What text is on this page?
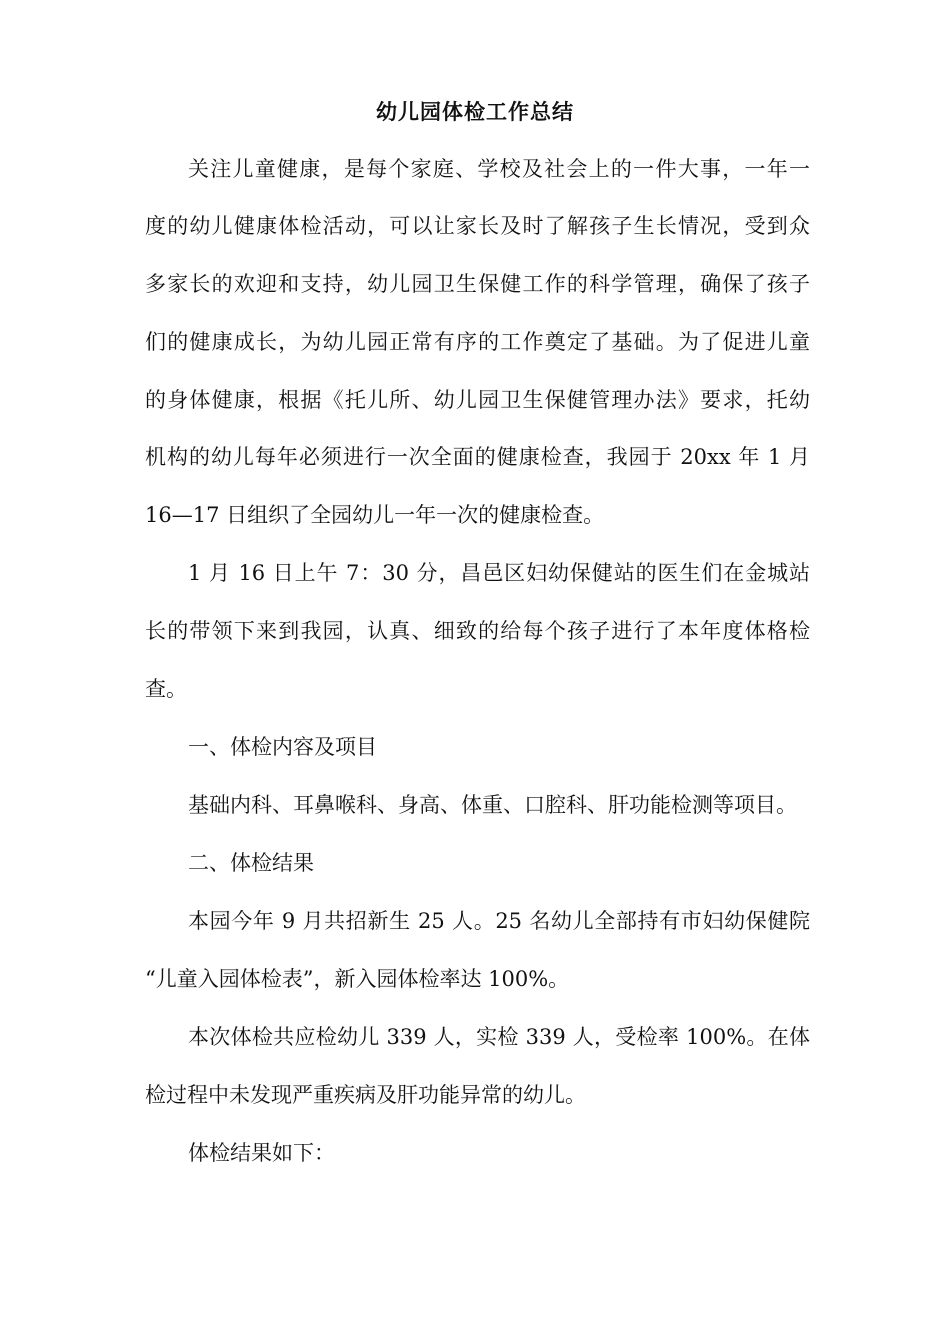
幼儿园体检工作总结
关注儿童健康，是每个家庭、学校及社会上的一件大事，一年一
度的幼儿健康体检活动，可以让家长及时了解孩子生长情况，受到众
多家长的欢迎和支持，幼儿园卫生保健工作的科学管理，确保了孩子
们的健康成长，为幼儿园正常有序的工作奠定了基础。为了促进儿童
的身体健康，根据《托儿所、幼儿园卫生保健管理办法》要求，托幼
机构的幼儿每年必须进行一次全面的健康检查，我园于 20xx 年 1 月
16—17 日组织了全园幼儿一年一次的健康检查。
1 月 16 日上午 7：30 分，昌邑区妇幼保健站的医生们在金城站
长的带领下来到我园，认真、细致的给每个孩子进行了本年度体格检
查。
一、体检内容及项目
基础内科、耳鼻喉科、身高、体重、口腔科、肝功能检测等项目。
二、体检结果
本园今年 9 月共招新生 25 人。25 名幼儿全部持有市妇幼保健院
“儿童入园体检表”，新入园体检率达 100%。
本次体检共应检幼儿 339 人，实检 339 人，受检率 100%。在体
检过程中未发现严重疾病及肝功能异常的幼儿。
体检结果如下：
